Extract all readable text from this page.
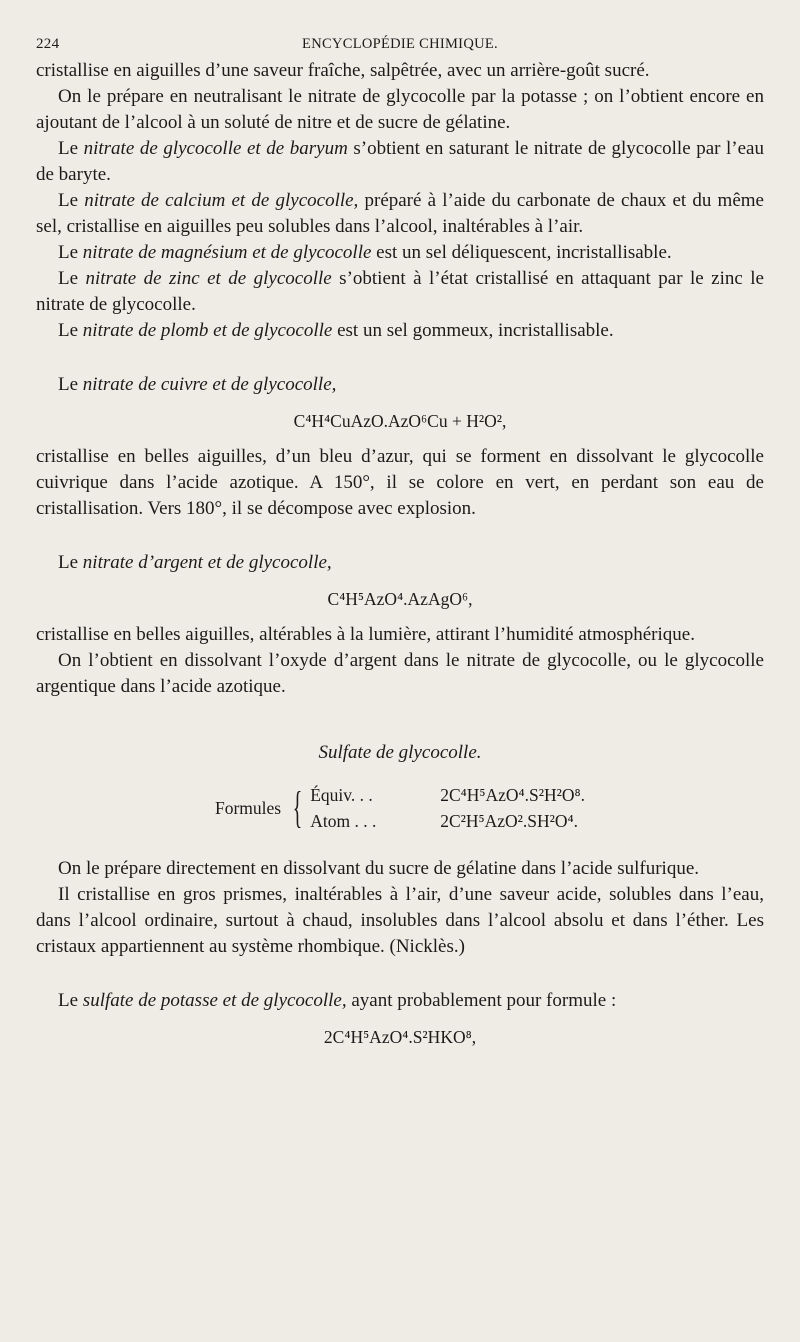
224	ENCYCLOPÉDIE CHIMIQUE.

cristallise en aiguilles d’une saveur fraîche, salpêtrée, avec un arrière-goût sucré.

On le prépare en neutralisant le nitrate de glycocolle par la potasse ; on l’obtient encore en ajoutant de l’alcool à un soluté de nitre et de sucre de gélatine.

Le nitrate de glycocolle et de baryum s’obtient en saturant le nitrate de glycocolle par l’eau de baryte.

Le nitrate de calcium et de glycocolle, préparé à l’aide du carbonate de chaux et du même sel, cristallise en aiguilles peu solubles dans l’alcool, inaltérables à l’air.

Le nitrate de magnésium et de glycocolle est un sel déliquescent, incristallisable.

Le nitrate de zinc et de glycocolle s’obtient à l’état cristallisé en attaquant par le zinc le nitrate de glycocolle.

Le nitrate de plomb et de glycocolle est un sel gommeux, incristallisable.

Le nitrate de cuivre et de glycocolle,

C⁴H⁴CuAzO.AzO⁶Cu + H²O²,

cristallise en belles aiguilles, d’un bleu d’azur, qui se forment en dissolvant le glycocolle cuivrique dans l’acide azotique. A 150°, il se colore en vert, en perdant son eau de cristallisation. Vers 180°, il se décompose avec explosion.

Le nitrate d’argent et de glycocolle,

C⁴H⁵AzO⁴.AzAgO⁶,

cristallise en belles aiguilles, altérables à la lumière, attirant l’humidité atmosphérique.

On l’obtient en dissolvant l’oxyde d’argent dans le nitrate de glycocolle, ou le glycocolle argentique dans l’acide azotique.

Sulfate de glycocolle.
Formules { Équiv. . .	2C⁴H⁵AzO⁴.S²H²O⁸.
Atom . . .	2C²H⁵AzO².SH²O⁴.

On le prépare directement en dissolvant du sucre de gélatine dans l’acide sulfurique.

Il cristallise en gros prismes, inaltérables à l’air, d’une saveur acide, solubles dans l’eau, dans l’alcool ordinaire, surtout à chaud, insolubles dans l’alcool absolu et dans l’éther. Les cristaux appartiennent au système rhombique. (Nicklès.)

Le sulfate de potasse et de glycocolle, ayant probablement pour formule :

2C⁴H⁵AzO⁴.S²HKO⁸,
